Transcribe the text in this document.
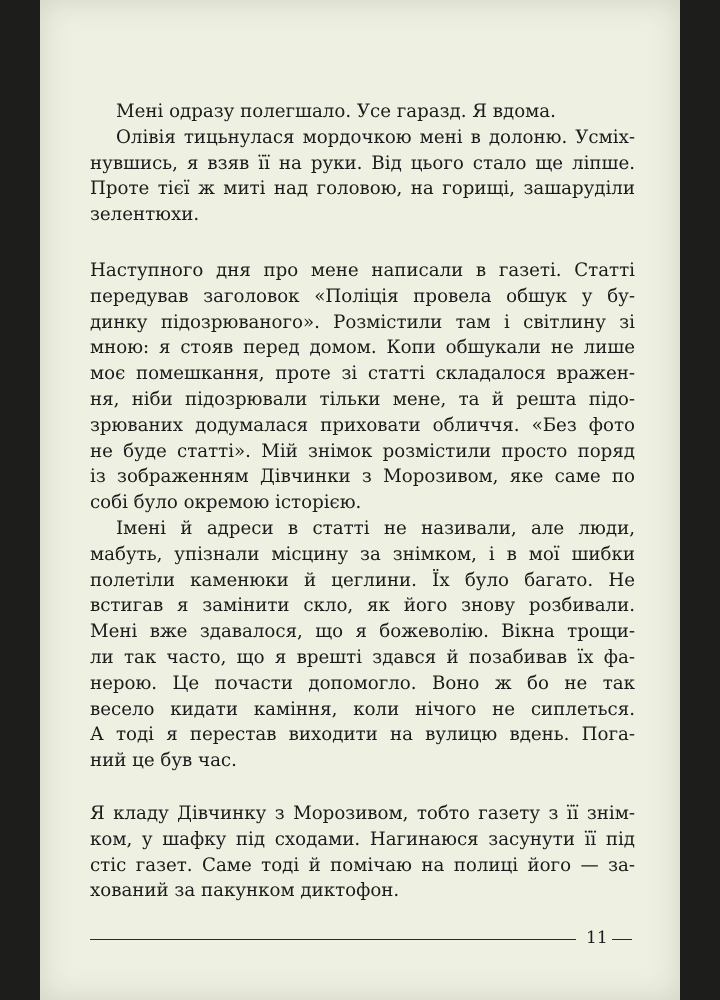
Мені одразу полегшало. Усе гаразд. Я вдома.
Олівія тицьнулася мордочкою мені в долоню. Усміх-
нувшись, я взяв її на руки. Від цього стало ще ліпше.
Проте тієї ж миті над головою, на горищі, зашаруділи
зелентюхи.
Наступного дня про мене написали в газеті. Статті
передував заголовок «Поліція провела обшук у бу-
динку підозрюваного». Розмістили там і світлину зі
мною: я стояв перед домом. Копи обшукали не лише
моє помешкання, проте зі статті складалося вражен-
ня, ніби підозрювали тільки мене, та й решта підо-
зрюваних додумалася приховати обличчя. «Без фото
не буде статті». Мій знімок розмістили просто поряд
із зображенням Дівчинки з Морозивом, яке саме по
собі було окремою історією.
Імені й адреси в статті не називали, але люди,
мабуть, упізнали місцину за знімком, і в мої шибки
полетіли каменюки й цеглини. Їх було багато. Не
встигав я замінити скло, як його знову розбивали.
Мені вже здавалося, що я божеволію. Вікна трощи-
ли так часто, що я врешті здався й позабивав їх фа-
нерою. Це почасти допомогло. Воно ж бо не так
весело кидати каміння, коли нічого не сиплеться.
А тоді я перестав виходити на вулицю вдень. Пога-
ний це був час.
Я кладу Дівчинку з Морозивом, тобто газету з її знім-
ком, у шафку під сходами. Нагинаюся засунути її під
стіс газет. Саме тоді й помічаю на полиці його — за-
хований за пакунком диктофон.
11
